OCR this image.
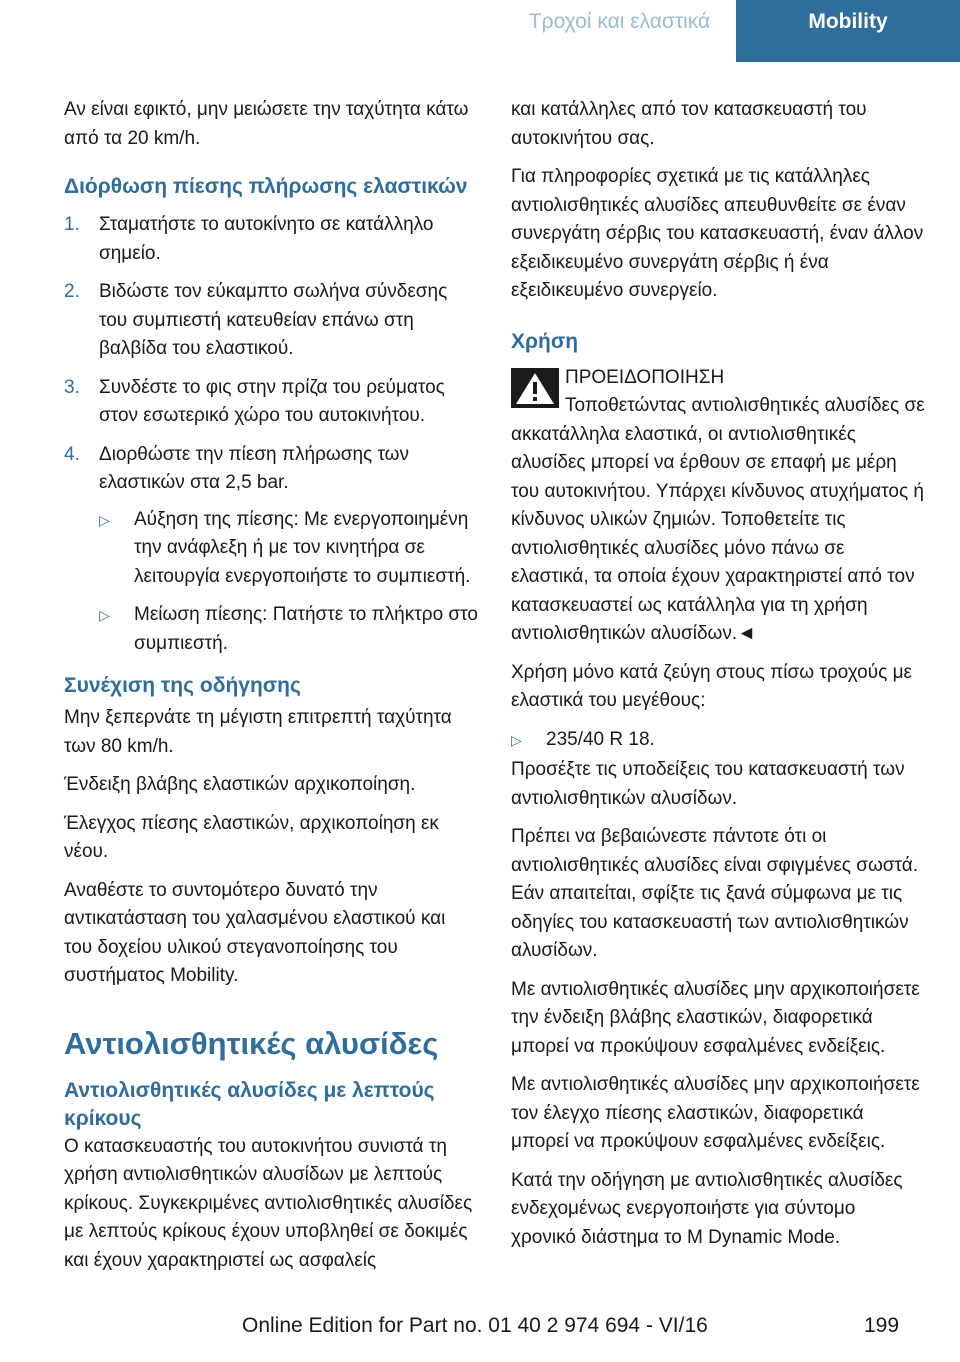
Τροχοί και ελαστικά	Mobility

Αν είναι εφικτό, μην μειώσετε την ταχύτητα κάτω από τα 20 km/h.

Διόρθωση πίεσης πλήρωσης ελαστικών
1. Σταματήστε το αυτοκίνητο σε κατάλληλο σημείο.
2. Βιδώστε τον εύκαμπτο σωλήνα σύνδεσης του συμπιεστή κατευθείαν επάνω στη βαλβίδα του ελαστικού.
3. Συνδέστε το φις στην πρίζα του ρεύματος στον εσωτερικό χώρο του αυτοκινήτου.
4. Διορθώστε την πίεση πλήρωσης των ελαστικών στα 2,5 bar.
▷ Αύξηση της πίεσης: Με ενεργοποιημένη την ανάφλεξη ή με τον κινητήρα σε λειτουργία ενεργοποιήστε το συμπιεστή.
▷ Μείωση πίεσης: Πατήστε το πλήκτρο στο συμπιεστή.
Συνέχιση της οδήγησης

Μην ξεπερνάτε τη μέγιστη επιτρεπτή ταχύτητα των 80 km/h.

Ένδειξη βλάβης ελαστικών αρχικοποίηση.

Έλεγχος πίεσης ελαστικών, αρχικοποίηση εκ νέου.

Αναθέστε το συντομότερο δυνατό την αντικατάσταση του χαλασμένου ελαστικού και του δοχείου υλικού στεγανοποίησης του συστήματος Mobility.

Αντιολισθητικές αλυσίδες
Αντιολισθητικές αλυσίδες με λεπτούς κρίκους

Ο κατασκευαστής του αυτοκινήτου συνιστά τη χρήση αντιολισθητικών αλυσίδων με λεπτούς κρίκους. Συγκεκριμένες αντιολισθητικές αλυσίδες με λεπτούς κρίκους έχουν υποβληθεί σε δοκιμές και έχουν χαρακτηριστεί ως ασφαλείς

και κατάλληλες από τον κατασκευαστή του αυτοκινήτου σας.

Για πληροφορίες σχετικά με τις κατάλληλες αντιολισθητικές αλυσίδες απευθυνθείτε σε έναν συνεργάτη σέρβις του κατασκευαστή, έναν άλλον εξειδικευμένο συνεργάτη σέρβις ή ένα εξειδικευμένο συνεργείο.

Χρήση
ΠΡΟΕΙΔΟΠΟΙΗΣΗ
Τοποθετώντας αντιολισθητικές αλυσίδες σε ακκατάλληλα ελαστικά, οι αντιολισθητικές αλυσίδες μπορεί να έρθουν σε επαφή με μέρη του αυτοκινήτου. Υπάρχει κίνδυνος ατυχήματος ή κίνδυνος υλικών ζημιών. Τοποθετείτε τις αντιολισθητικές αλυσίδες μόνο πάνω σε ελαστικά, τα οποία έχουν χαρακτηριστεί από τον κατασκευαστεί ως κατάλληλα για τη χρήση αντιολισθητικών αλυσίδων.◄

Χρήση μόνο κατά ζεύγη στους πίσω τροχούς με ελαστικά του μεγέθους:

▷ 235/40 R 18.

Προσέξτε τις υποδείξεις του κατασκευαστή των αντιολισθητικών αλυσίδων.

Πρέπει να βεβαιώνεστε πάντοτε ότι οι αντιολισθητικές αλυσίδες είναι σφιγμένες σωστά. Εάν απαιτείται, σφίξτε τις ξανά σύμφωνα με τις οδηγίες του κατασκευαστή των αντιολισθητικών αλυσίδων.

Με αντιολισθητικές αλυσίδες μην αρχικοποιήσετε την ένδειξη βλάβης ελαστικών, διαφορετικά μπορεί να προκύψουν εσφαλμένες ενδείξεις.

Με αντιολισθητικές αλυσίδες μην αρχικοποιήσετε τον έλεγχο πίεσης ελαστικών, διαφορετικά μπορεί να προκύψουν εσφαλμένες ενδείξεις.

Κατά την οδήγηση με αντιολισθητικές αλυσίδες ενδεχομένως ενεργοποιήστε για σύντομο χρονικό διάστημα το M Dynamic Mode.

Online Edition for Part no. 01 40 2 974 694 - VI/16	199
